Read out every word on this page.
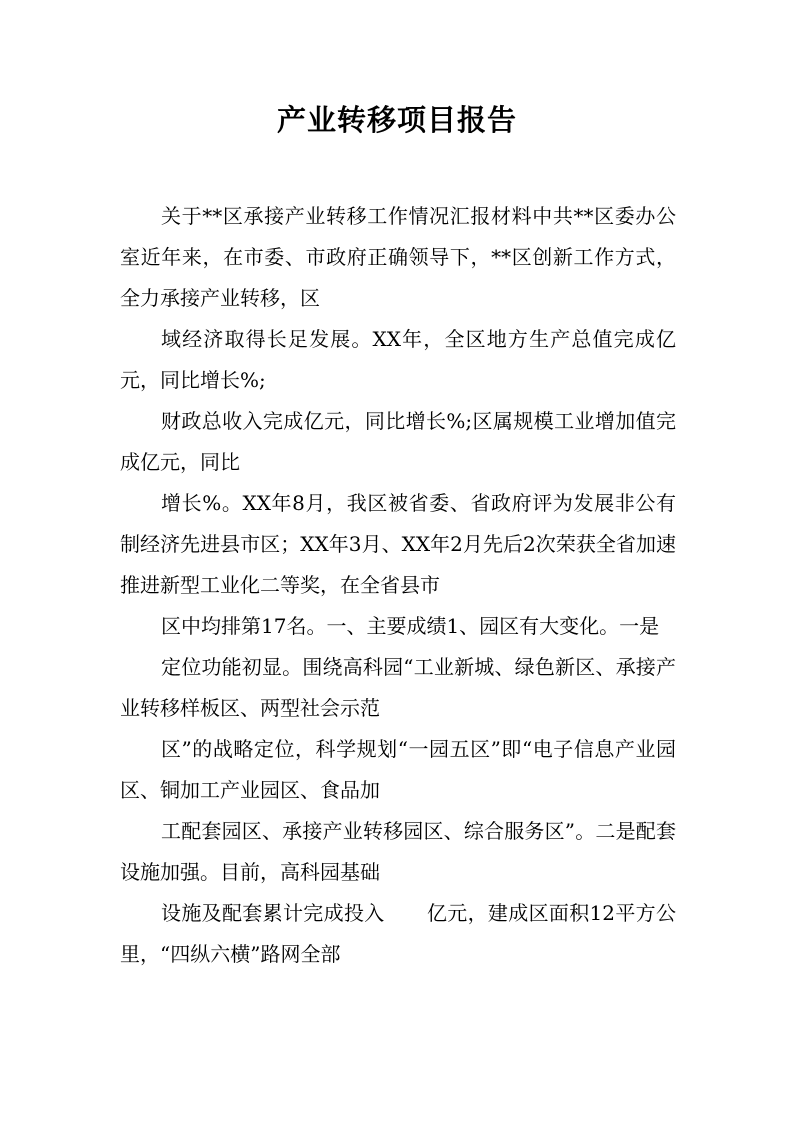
产业转移项目报告

关于**区承接产业转移工作情况汇报材料中共**区委办公室近年来，在市委、市政府正确领导下，**区创新工作方式，全力承接产业转移，区

域经济取得长足发展。XX年，全区地方生产总值完成亿元，同比增长%;

财政总收入完成亿元，同比增长%;区属规模工业增加值完成亿元，同比

增长%。XX年8月，我区被省委、省政府评为发展非公有制经济先进县市区；XX年3月、XX年2月先后2次荣获全省加速推进新型工业化二等奖，在全省县市

区中均排第17名。一、主要成绩1、园区有大变化。一是

定位功能初显。围绕高科园“工业新城、绿色新区、承接产业转移样板区、两型社会示范

区”的战略定位，科学规划“一园五区”即“电子信息产业园区、铜加工产业园区、食品加

工配套园区、承接产业转移园区、综合服务区”。二是配套设施加强。目前，高科园基础

设施及配套累计完成投入 亿元，建成区面积12平方公里，“四纵六横”路网全部
